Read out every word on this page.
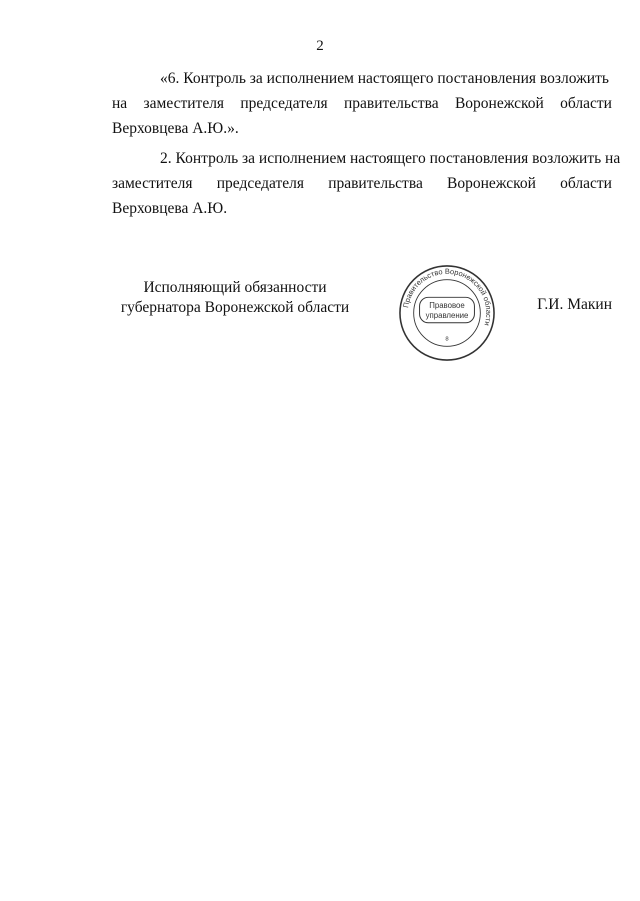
2
«6. Контроль за исполнением настоящего постановления возложить
на заместителя председателя правительства Воронежской области
Верховцева А.Ю.».
2. Контроль за исполнением настоящего постановления возложить на
заместителя председателя правительства Воронежской области
Верховцева А.Ю.
Исполняющий обязанности
губернатора Воронежской области	Правительство Воронежской области
Правовое
управление
8
Г.И. Макин
